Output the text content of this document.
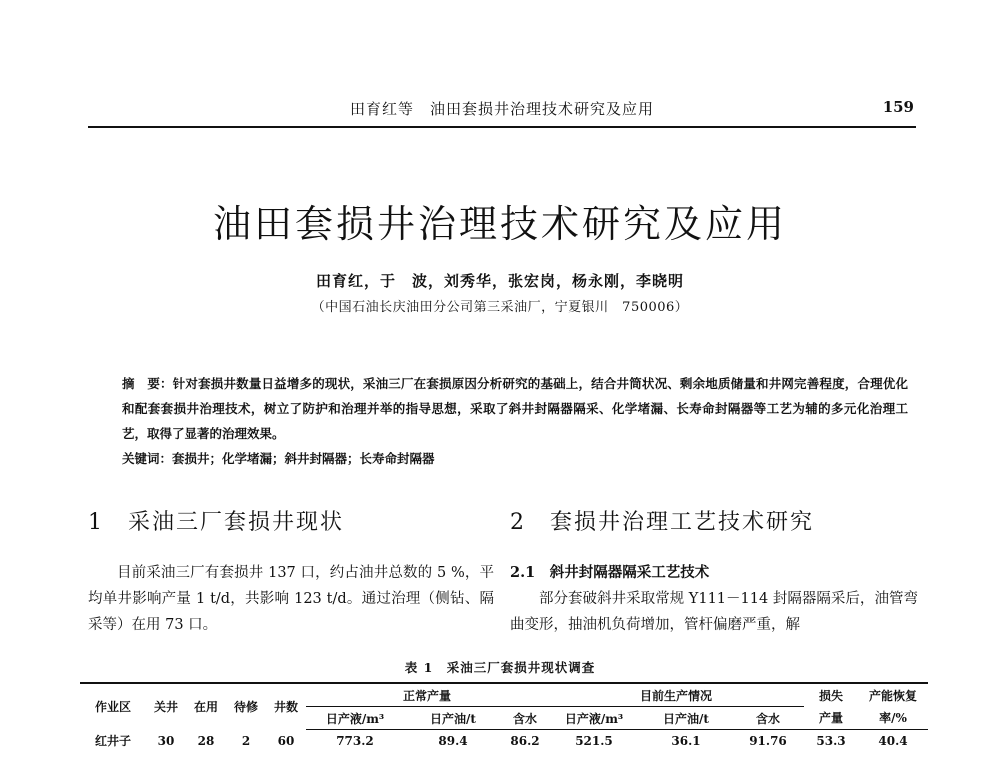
田育红等　油田套损井治理技术研究及应用	159
油田套损井治理技术研究及应用
田育红，于　波，刘秀华，张宏岗，杨永刚，李晓明
（中国石油长庆油田分公司第三采油厂，宁夏银川　750006）
摘　要：针对套损井数量日益增多的现状，采油三厂在套损原因分析研究的基础上，结合井筒状况、剩余地质储量和井网完善程度，合理优化和配套套损井治理技术，树立了防护和治理并举的指导思想，采取了斜井封隔器隔采、化学堵漏、长寿命封隔器等工艺为辅的多元化治理工艺，取得了显著的治理效果。
关键词：套损井；化学堵漏；斜井封隔器；长寿命封隔器
1　采油三厂套损井现状	2　套损井治理工艺技术研究
目前采油三厂有套损井 137 口，约占油井总数的 5 %，平均单井影响产量 1 t/d，共影响 123 t/d。通过治理（侧钻、隔采等）在用 73 口。
2.1　斜井封隔器隔采工艺技术
部分套破斜井采取常规 Y111－114 封隔器隔采后，油管弯曲变形，抽油机负荷增加，管杆偏磨严重，解
表 1　采油三厂套损井现状调查
作业区	关井	在用	待修	井数	正常产量			目前生产情况			损失	产能恢复
					日产液/m³	日产油/t	含水	日产液/m³	日产油/t	含水	产量	率/%
红井子	30	28	2	60	773.2	89.4	86.2	521.5	36.1	91.76	53.3	40.4
